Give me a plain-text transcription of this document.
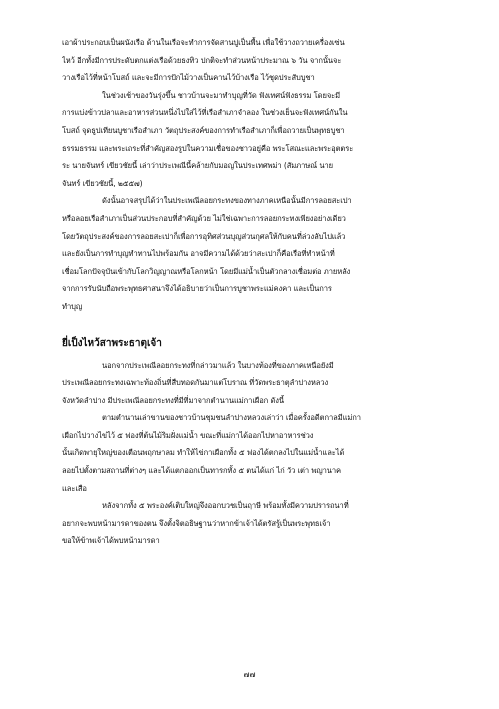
เอาผ้าประกอบเป็นผนังเรือ ด้านในเรือจะทำการจัดสานปูเป็นพื้น เพื่อใช้วางถวายเครื่องเซ่น
ไหว้ อีกทั้งมีการประดับตกแต่งเรือด้วยธงทิว ปกติจะทำส่วนหน้าประมาณ ๖ วัน จากนั้นจะ
วางเรือไว้ที่หน้าโบสถ์ และจะมีการปักไม้วางเป็นคานไว้บ้างเรือ ไว้ชุดประสับบูชา
ในช่วงเช้าของวันรุ่งขึ้น ชาวบ้านจะมาทำบุญที่วัด ฟังเทศน์ฟังธรรม โดยจะมี
การแบ่งข้าวปลาและอาหารส่วนหนึ่งไปใส่ไว้ที่เรือสำเภาจำลอง ในช่วงเย็นจะฟังเทศน์กันใน
โบสถ์ จุดธูปเทียนบูชาเรือสำเภา วัตถุประสงค์ของการทำเรือสำเภาก็เพื่อถวายเป็นพุทธบูชา
ธรรมธรรม และพระเถระที่สำคัญสองรูปในความเชื่อของชาวอยู่คือ พระโสณะและพระอุตตระ
ระ นายจันทร์ เขียวชัยนี้ เล่าว่าประเพณีนี้คล้ายกับมอญในประเทศพม่า (สัมภาษณ์ นาย
จันทร์ เขียวชัยนี้, ๒๕๕๗)
ดังนั้นอาจสรุปได้ว่าในประเพณีลอยกระทงของทางภาคเหนือนั้นมีการลอยสะเปา
หรือลอยเรือสำเภาเป็นส่วนประกอบที่สำคัญด้วย ไม่ใช่เฉพาะการลอยกระทงเพียงอย่างเดียว
โดยวัตถุประสงค์ของการลอยสะเปาก็เพื่อการอุทิศส่วนบุญส่วนกุศลให้กับคนที่ล่วงลับไปแล้ว
และยังเป็นการทำบุญทำทานไปพร้อมกัน อาจมีความได้ด้วยว่าสะเปาก็คือเรือที่ทำหน้าที่
เชื่อมโลกปัจจุบันเข้ากับโลกวิญญาณหรือโลกหน้า โดยมีแม่น้ำเป็นตัวกลางเชื่อมต่อ ภายหลัง
จากการรับนับถือพระพุทธศาสนาจึงได้อธิบายว่าเป็นการบูชาพระแม่คงคา และเป็นการ
ทำบุญ
ยี่เป็งไหว้สาพระธาตุเจ้า
นอกจากประเพณีลอยกระทงที่กล่าวมาแล้ว ในบางท้องที่ของภาคเหนือยังมี
ประเพณีลอยกระทงเฉพาะท้องถิ่นที่สืบทอดกันมาแต่โบราณ ที่วัดพระธาตุลำปางหลวง
จังหวัดลำปาง มีประเพณีลอยกระทงที่มีที่มาจากตำนานแม่กาเผือก ดังนี้
ตามตำนานเล่าขานของชาวบ้านชุมชนลำปางหลวงเล่าว่า เมื่อครั้งอดีตกาลมีแม่กา
เผือกไปวางไข่ไว้ ๕ ฟองที่ต้นไม้ริมฝั่งแม่น้ำ ขณะที่แม่กาได้ออกไปหาอาหารช่วง
นั้นเกิดพายุใหญ่ของเตือนพฤกษาลม ทำให้ไข่กาเผือกทั้ง ๕ ฟองได้ตกลงไปในแม่น้ำและได้
ลอยไปตั้งตามสถานที่ต่างๆ และได้แตกออกเป็นทารกทั้ง ๕ ตนได้แก่ ไก่ วัว เต่า พญานาค
และเสือ
หลังจากทั้ง ๕ พระองค์เติบใหญ่จึงออกบวชเป็นฤาษี พร้อมทั้งมีความปรารถนาที่
อยากจะพบหน้ามารดาของตน จึงตั้งจิตอธิษฐานว่าหากข้าเจ้าได้ตรัสรู้เป็นพระพุทธเจ้า
ขอให้ข้าพเจ้าได้พบหน้ามารดา
๗๗
